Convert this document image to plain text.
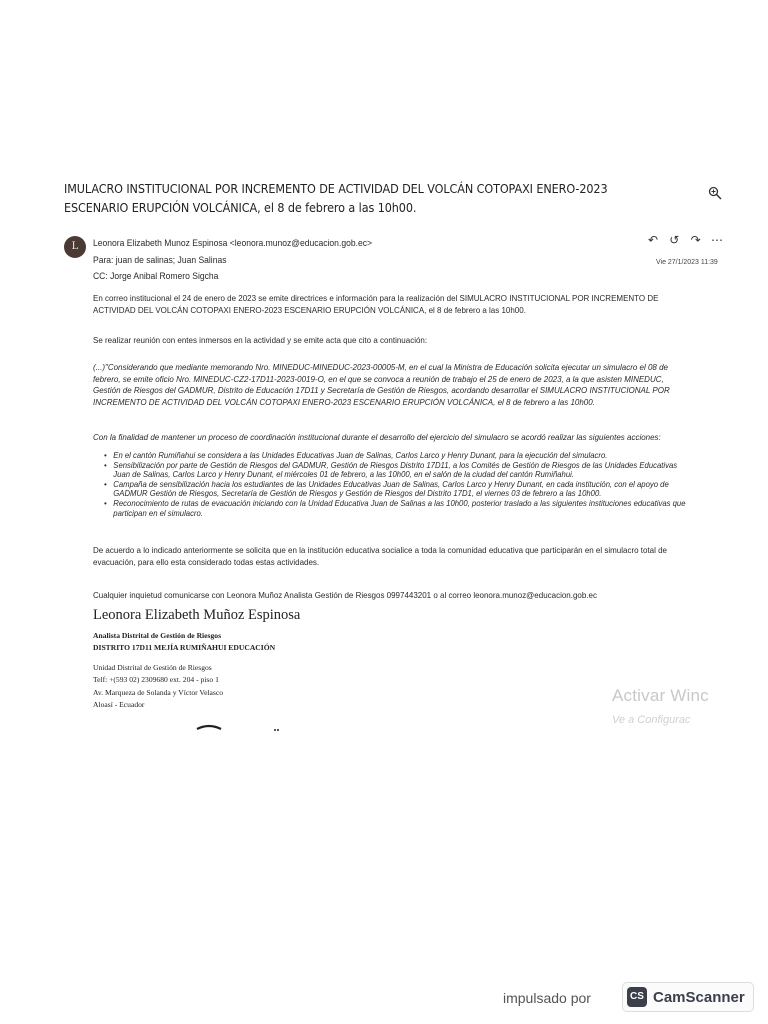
IMULACRO INSTITUCIONAL POR INCREMENTO DE ACTIVIDAD DEL VOLCÁN COTOPAXI ENERO-2023 ESCENARIO ERUPCIÓN VOLCÁNICA, el 8 de febrero a las 10h00.
L	Leonora Elizabeth Munoz Espinosa <leonora.munoz@educacion.gob.ec>
Para: juan de salinas; Juan Salinas
CC: Jorge Anibal Romero Sigcha
Vie 27/1/2023 11:39
↶ ↺ ↷ ⋯
En correo institucional el 24 de enero de 2023 se emite directrices e información para la realización del SIMULACRO INSTITUCIONAL POR INCREMENTO DE ACTIVIDAD DEL VOLCÁN COTOPAXI ENERO-2023 ESCENARIO ERUPCIÓN VOLCÁNICA, el 8 de febrero a las 10h00.
Se realizar reunión con entes inmersos en la actividad y se emite acta que cito a continuación:
(...)"Considerando que mediante memorando Nro. MINEDUC-MINEDUC-2023-00005-M, en el cual la Ministra de Educación solicita ejecutar un simulacro el 08 de febrero, se emite oficio Nro. MINEDUC-CZ2-17D11-2023-0019-O, en el que se convoca a reunión de trabajo el 25 de enero de 2023, a la que asisten MINEDUC, Gestión de Riesgos del GADMUR, Distrito de Educación 17D11 y Secretaría de Gestión de Riesgos, acordando desarrollar el SIMULACRO INSTITUCIONAL POR INCREMENTO DE ACTIVIDAD DEL VOLCÁN COTOPAXI ENERO-2023 ESCENARIO ERUPCIÓN VOLCÁNICA, el 8 de febrero a las 10h00.
Con la finalidad de mantener un proceso de coordinación institucional durante el desarrollo del ejercicio del simulacro se acordó realizar las siguientes acciones:
• En el cantón Rumiñahui se considera a las Unidades Educativas Juan de Salinas, Carlos Larco y Henry Dunant, para la ejecución del simulacro.
• Sensibilización por parte de Gestión de Riesgos del GADMUR, Gestión de Riesgos Distrito 17D11, a los Comités de Gestión de Riesgos de las Unidades Educativas Juan de Salinas, Carlos Larco y Henry Dunant, el miércoles 01 de febrero, a las 10h00, en el salón de la ciudad del cantón Rumiñahui.
• Campaña de sensibilización hacia los estudiantes de las Unidades Educativas Juan de Salinas, Carlos Larco y Henry Dunant, en cada institución, con el apoyo de GADMUR Gestión de Riesgos, Secretaría de Gestión de Riesgos y Gestión de Riesgos del Distrito 17D1, el viernes 03 de febrero a las 10h00.
• Reconocimiento de rutas de evacuación iniciando con la Unidad Educativa Juan de Salinas a las 10h00, posterior traslado a las siguientes instituciones educativas que participan en el simulacro.
De acuerdo a lo indicado anteriormente se solicita que en la institución educativa socialice a toda la comunidad educativa que participarán en el simulacro total de evacuación, para ello esta considerado todas estas actividades.
Cualquier inquietud comunicarse con Leonora Muñoz Analista Gestión de Riesgos 0997443201 o al correo leonora.munoz@educacion.gob.ec
Leonora Elizabeth Muñoz Espinosa
Analista Distrital de Gestión de Riesgos
DISTRITO 17D11 MEJÍA RUMIÑAHUI EDUCACIÓN
Unidad Distrital de Gestión de Riesgos
Telf: +(593 02) 2309680 ext. 204 - piso 1
Av. Marqueza de Solanda y Víctor Velasco
Aloasí - Ecuador	Activar Winc
Ve a Configurac
impulsado por	CS CamScanner
